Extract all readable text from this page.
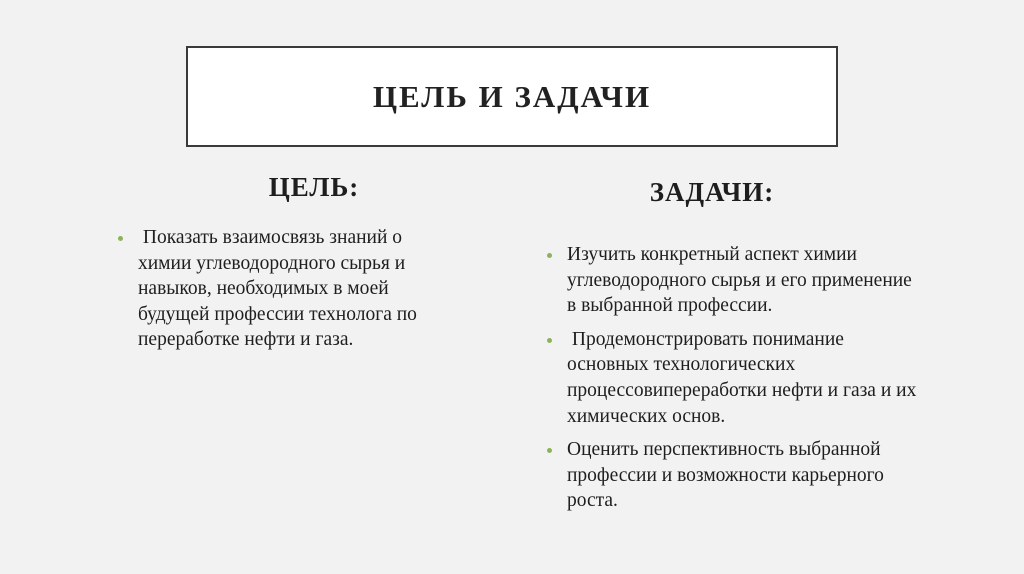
ЦЕЛЬ И ЗАДАЧИ
ЦЕЛЬ:	ЗАДАЧИ:
Показать взаимосвязь знаний о
химии углеводородного сырья и
навыков, необходимых в моей
будущей профессии технолога по
переработке нефти и газа.
Изучить конкретный аспект химии
углеводородного сырья и его применение
в выбранной профессии.
Продемонстрировать понимание
основных технологических
процессовипереработки нефти и газа и их
химических основ.
Оценить перспективность выбранной
профессии и возможности карьерного
роста.
